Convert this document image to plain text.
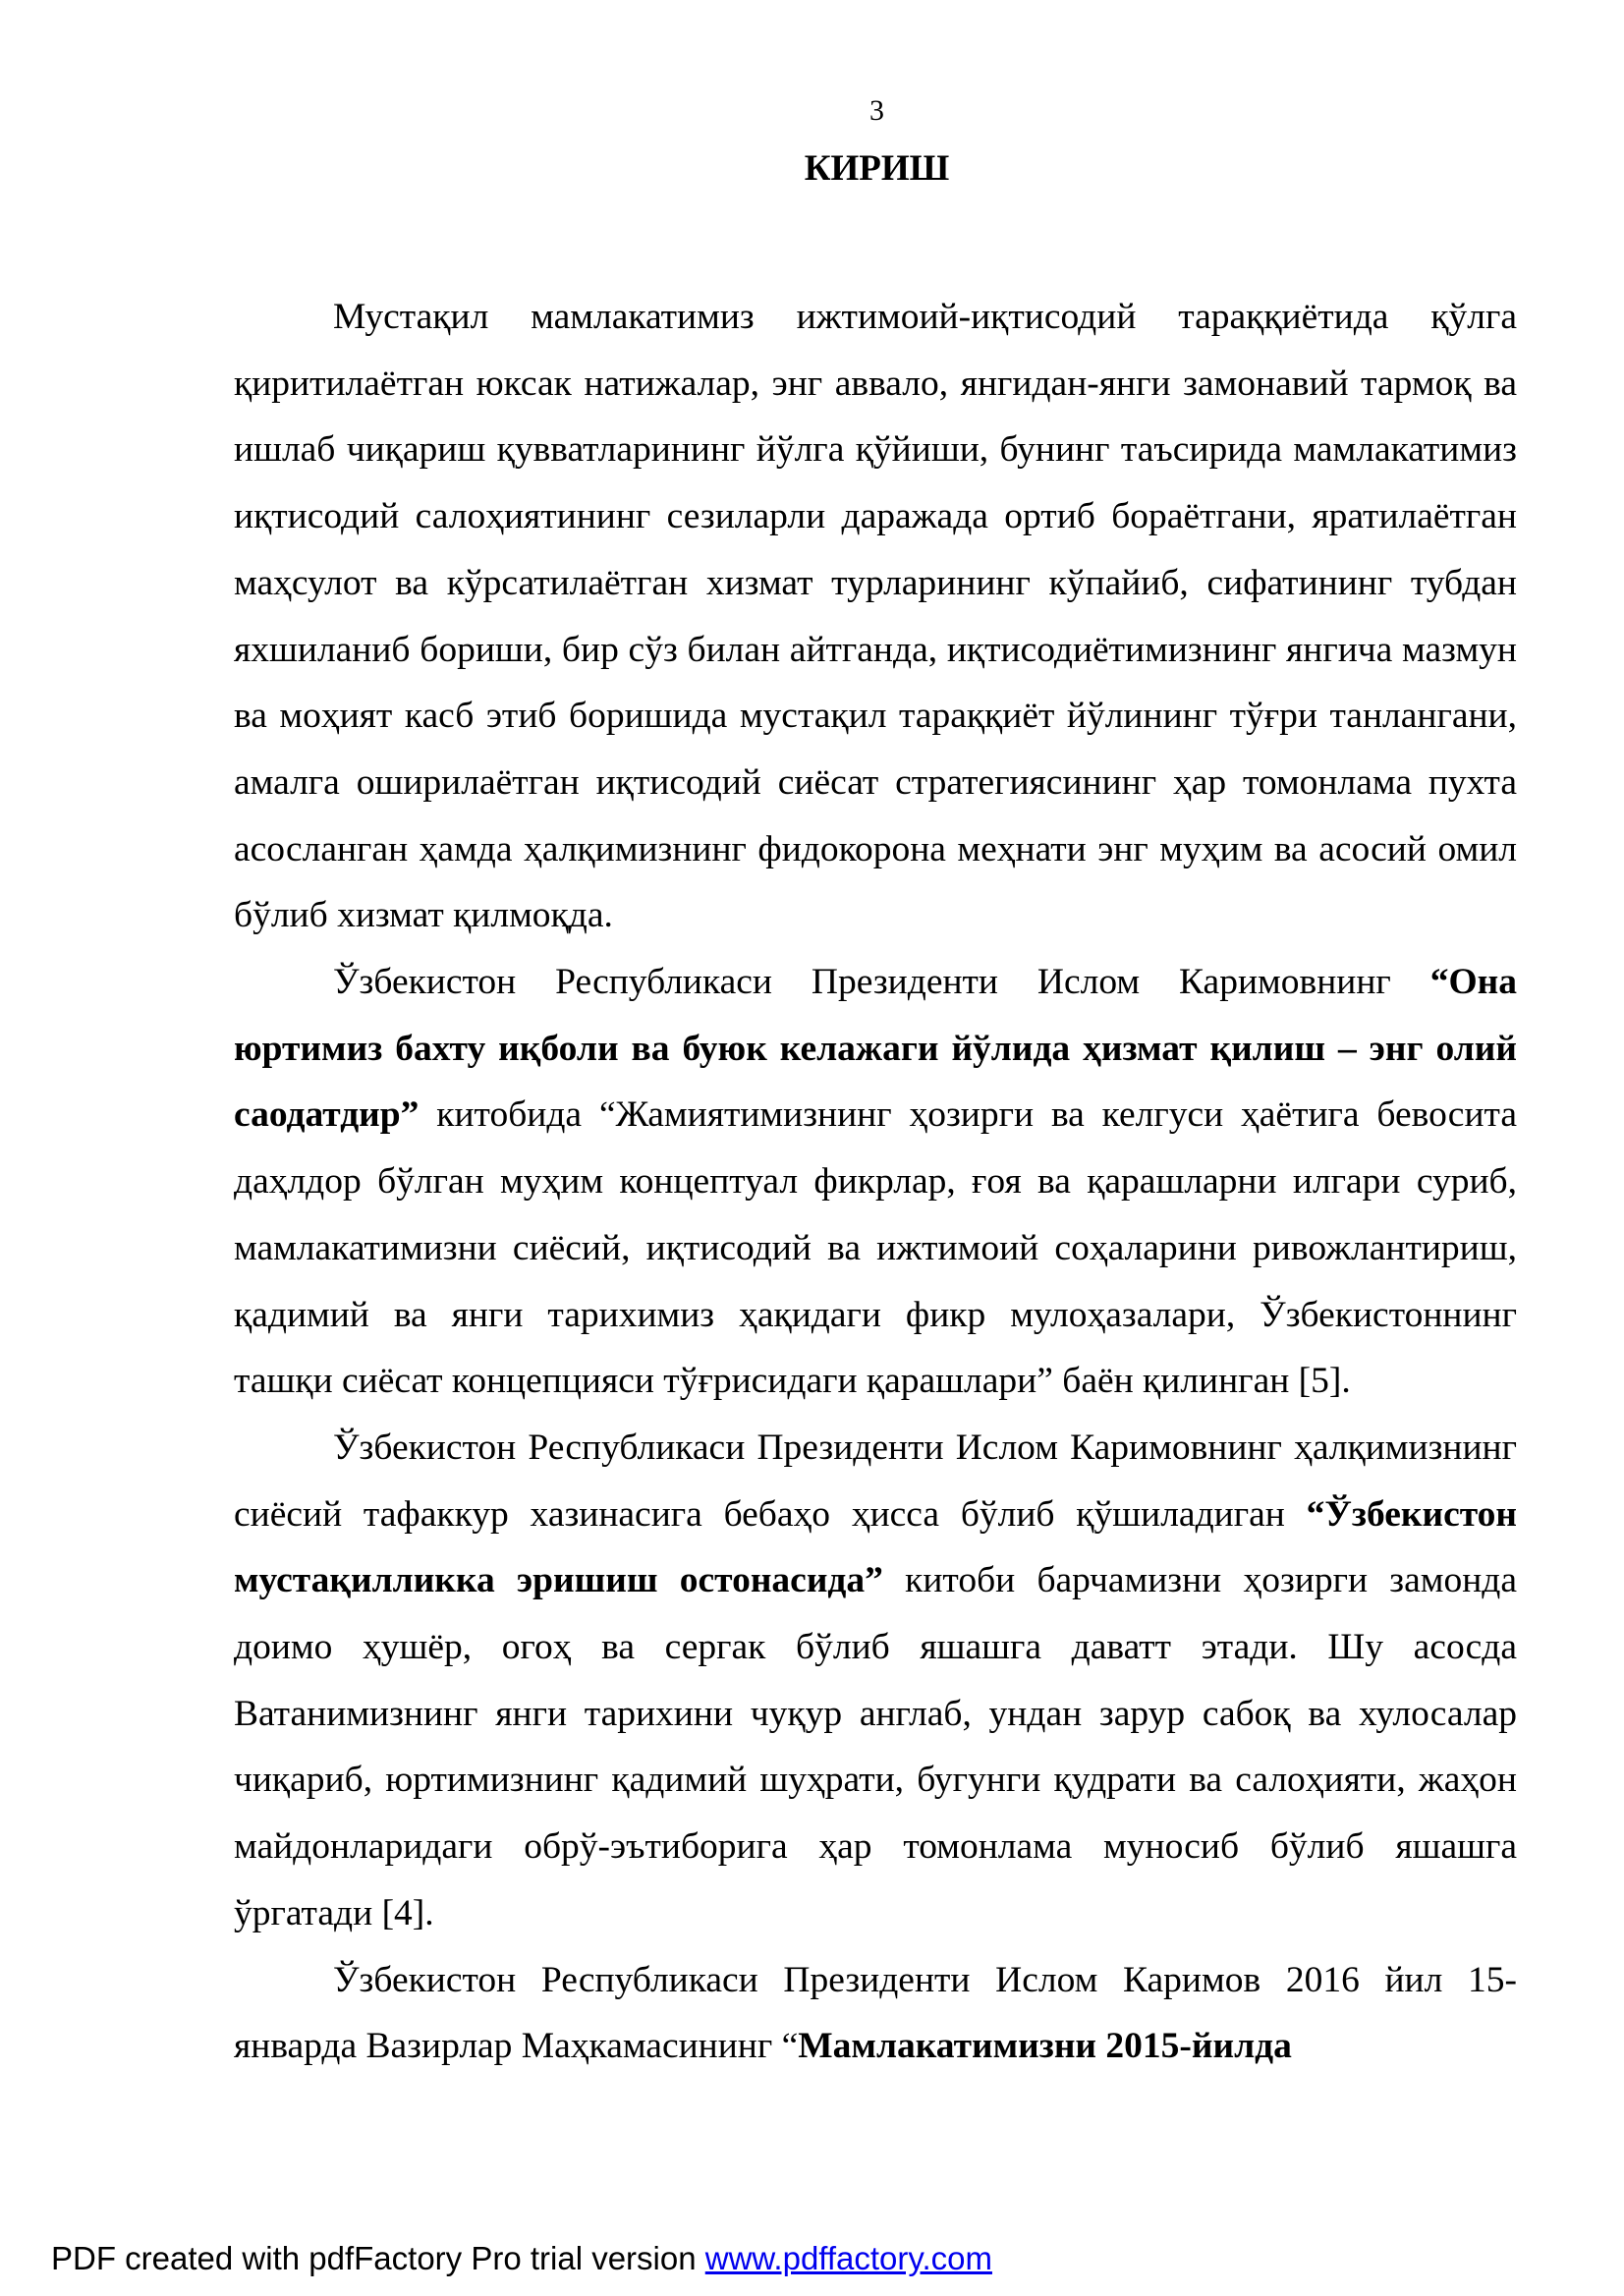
3
КИРИШ

Мустақил мамлакатимиз ижтимоий-иқтисодий тараққиётида қўлга қиритилаётган юксак натижалар, энг аввало, янгидан-янги замонавий тармоқ ва ишлаб чиқариш қувватларининг йўлга қўйиши, бунинг таъсирида мамлакатимиз иқтисодий салоҳиятининг сезиларли даражада ортиб бораётгани, яратилаётган маҳсулот ва кўрсатилаётган хизмат турларининг кўпайиб, сифатининг тубдан яхшиланиб бориши, бир сўз билан айтганда, иқтисодиётимизнинг янгича мазмун ва моҳият касб этиб боришида мустақил тараққиёт йўлининг тўғри танлангани, амалга оширилаётган иқтисодий сиёсат стратегиясининг ҳар томонлама пухта асосланган ҳамда ҳалқимизнинг фидокорона меҳнати энг муҳим ва асосий омил бўлиб хизмат қилмоқда.

Ўзбекистон Республикаси Президенти Ислом Каримовнинг “Она юртимиз бахту иқболи ва буюк келажаги йўлида ҳизмат қилиш – энг олий саодатдир” китобида “Жамиятимизнинг ҳозирги ва келгуси ҳаётига бевосита даҳлдор бўлган муҳим концептуал фикрлар, ғоя ва қарашларни илгари суриб, мамлакатимизни сиёсий, иқтисодий ва ижтимоий соҳаларини ривожлантириш, қадимий ва янги тарихимиз ҳақидаги фикр мулоҳазалари, Ўзбекистоннинг ташқи сиёсат концепцияси тўғрисидаги қарашлари” баён қилинган [5].

Ўзбекистон Республикаси Президенти Ислом Каримовнинг ҳалқимизнинг сиёсий тафаккур хазинасига бебаҳо ҳисса бўлиб қўшиладиган “Ўзбекистон мустақилликка эришиш остонасида” китоби барчамизни ҳозирги замонда доимо ҳушёр, огоҳ ва сергак бўлиб яшашга даватт этади. Шу асосда Ватанимизнинг янги тарихини чуқур англаб, ундан зарур сабоқ ва хулосалар чиқариб, юртимизнинг қадимий шуҳрати, бугунги қудрати ва салоҳияти, жаҳон майдонларидаги обрў-эътиборига ҳар томонлама муносиб бўлиб яшашга ўргатади [4].

Ўзбекистон Республикаси Президенти Ислом Каримов 2016 йил 15-январда Вазирлар Маҳкамасининг “Мамлакатимизни 2015-йилда

PDF created with pdfFactory Pro trial version www.pdffactory.com
